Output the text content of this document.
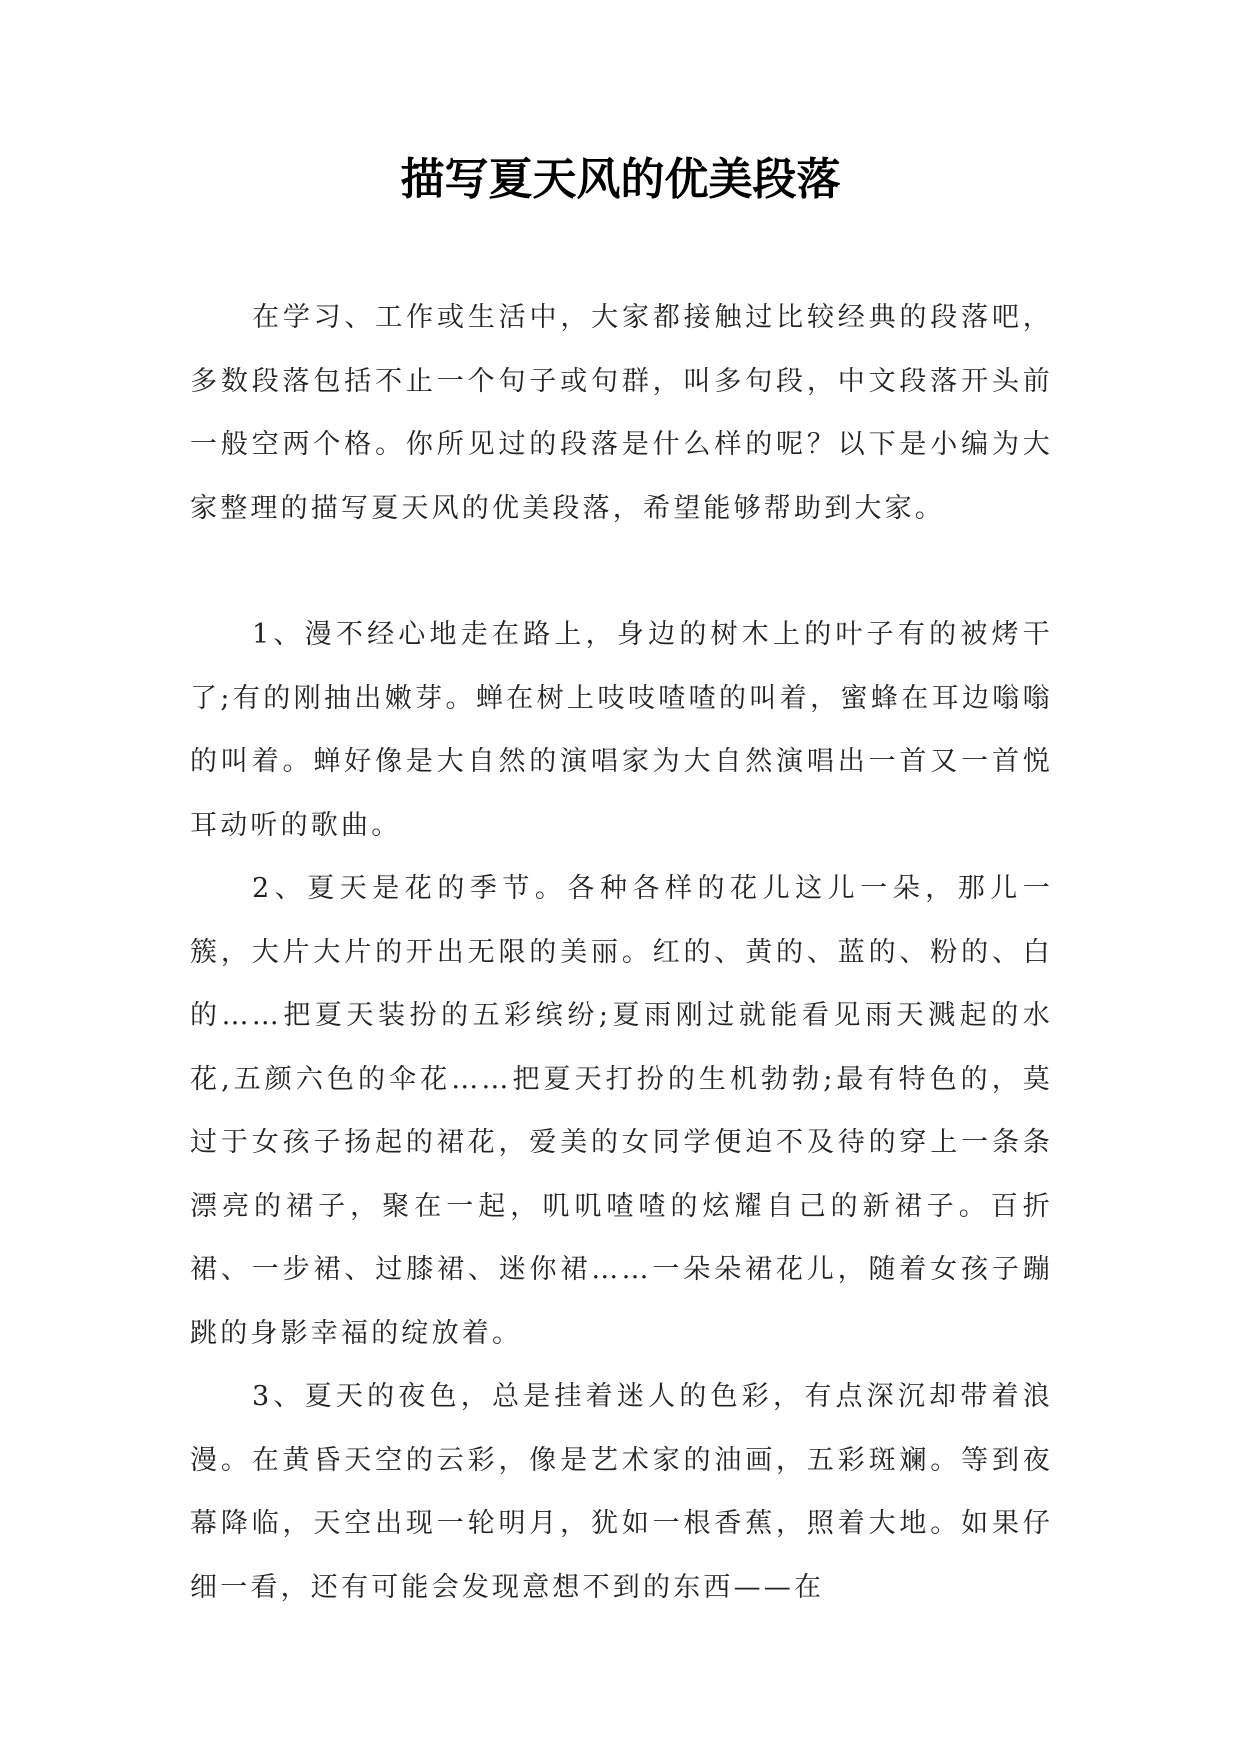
描写夏天风的优美段落

在学习、工作或生活中，大家都接触过比较经典的段落吧，多数段落包括不止一个句子或句群，叫多句段，中文段落开头前一般空两个格。你所见过的段落是什么样的呢？以下是小编为大家整理的描写夏天风的优美段落，希望能够帮助到大家。

1、漫不经心地走在路上，身边的树木上的叶子有的被烤干了;有的刚抽出嫩芽。蝉在树上吱吱喳喳的叫着，蜜蜂在耳边嗡嗡的叫着。蝉好像是大自然的演唱家为大自然演唱出一首又一首悦耳动听的歌曲。

2、夏天是花的季节。各种各样的花儿这儿一朵，那儿一簇，大片大片的开出无限的美丽。红的、黄的、蓝的、粉的、白的……把夏天装扮的五彩缤纷;夏雨刚过就能看见雨天溅起的水花,五颜六色的伞花……把夏天打扮的生机勃勃;最有特色的，莫过于女孩子扬起的裙花，爱美的女同学便迫不及待的穿上一条条漂亮的裙子，聚在一起，叽叽喳喳的炫耀自己的新裙子。百折裙、一步裙、过膝裙、迷你裙……一朵朵裙花儿，随着女孩子蹦跳的身影幸福的绽放着。

3、夏天的夜色，总是挂着迷人的色彩，有点深沉却带着浪漫。在黄昏天空的云彩，像是艺术家的油画，五彩斑斓。等到夜幕降临，天空出现一轮明月，犹如一根香蕉，照着大地。如果仔细一看，还有可能会发现意想不到的东西——在
